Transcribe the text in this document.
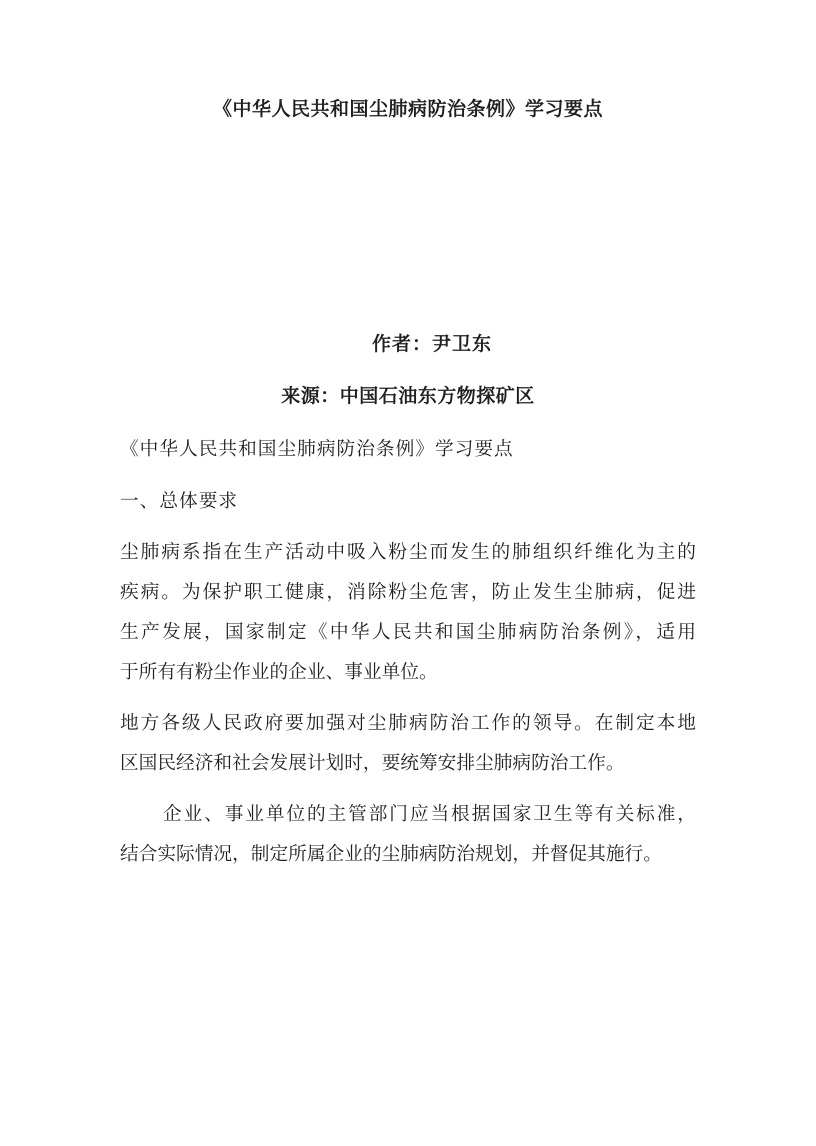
《中华人民共和国尘肺病防治条例》学习要点

作者：尹卫东

来源：中国石油东方物探矿区

《中华人民共和国尘肺病防治条例》学习要点

一、总体要求

尘肺病系指在生产活动中吸入粉尘而发生的肺组织纤维化为主的
疾病。为保护职工健康，消除粉尘危害，防止发生尘肺病，促进
生产发展，国家制定《中华人民共和国尘肺病防治条例》，适用
于所有有粉尘作业的企业、事业单位。
地方各级人民政府要加强对尘肺病防治工作的领导。在制定本地
区国民经济和社会发展计划时，要统筹安排尘肺病防治工作。
企业、事业单位的主管部门应当根据国家卫生等有关标准，
结合实际情况，制定所属企业的尘肺病防治规划，并督促其施行。
